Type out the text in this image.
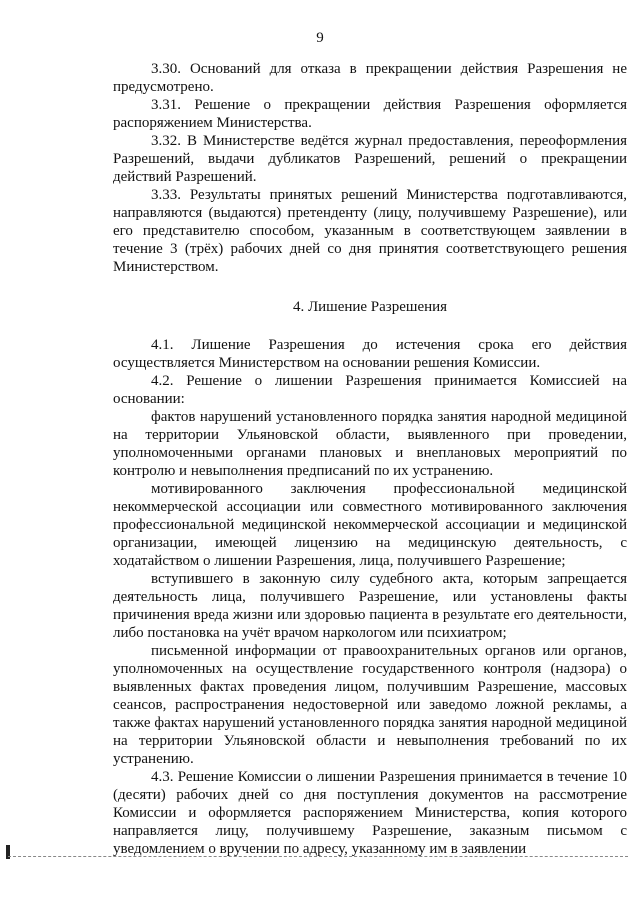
9

3.30. Оснований для отказа в прекращении действия Разрешения не предусмотрено.

3.31. Решение о прекращении действия Разрешения оформляется распоряжением Министерства.

3.32. В Министерстве ведётся журнал предоставления, переоформления Разрешений, выдачи дубликатов Разрешений, решений о прекращении действий Разрешений.

3.33. Результаты принятых решений Министерства подготавливаются, направляются (выдаются) претенденту (лицу, получившему Разрешение), или его представителю способом, указанным в соответствующем заявлении в течение 3 (трёх) рабочих дней со дня принятия соответствующего решения Министерством.

4. Лишение Разрешения

4.1. Лишение Разрешения до истечения срока его действия осуществляется Министерством на основании решения Комиссии.

4.2. Решение о лишении Разрешения принимается Комиссией на основании:

фактов нарушений установленного порядка занятия народной медициной на территории Ульяновской области, выявленного при проведении, уполномоченными органами плановых и внеплановых мероприятий по контролю и невыполнения предписаний по их устранению.

мотивированного заключения профессиональной медицинской некоммерческой ассоциации или совместного мотивированного заключения профессиональной медицинской некоммерческой ассоциации и медицинской организации, имеющей лицензию на медицинскую деятельность, с ходатайством о лишении Разрешения, лица, получившего Разрешение;

вступившего в законную силу судебного акта, которым запрещается деятельность лица, получившего Разрешение, или установлены факты причинения вреда жизни или здоровью пациента в результате его деятельности, либо постановка на учёт врачом наркологом или психиатром;

письменной информации от правоохранительных органов или органов, уполномоченных на осуществление государственного контроля (надзора) о выявленных фактах проведения лицом, получившим Разрешение, массовых сеансов, распространения недостоверной или заведомо ложной рекламы, а также фактах нарушений установленного порядка занятия народной медициной на территории Ульяновской области и невыполнения требований по их устранению.

4.3. Решение Комиссии о лишении Разрешения принимается в течение 10 (десяти) рабочих дней со дня поступления документов на рассмотрение Комиссии и оформляется распоряжением Министерства, копия которого направляется лицу, получившему Разрешение, заказным письмом с уведомлением о вручении по адресу, указанному им в заявлении
